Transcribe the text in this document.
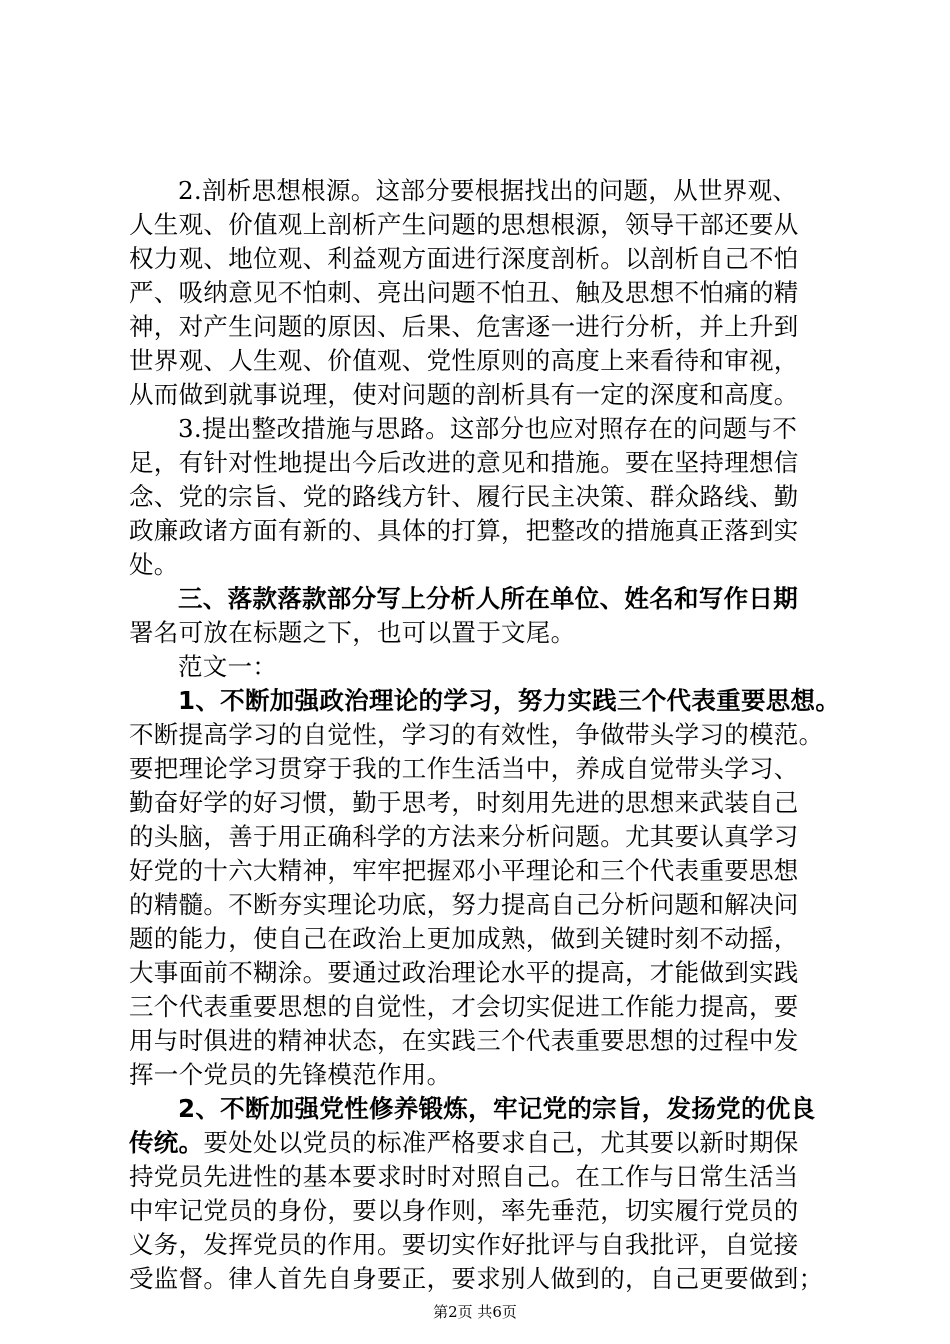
2.剖析思想根源。这部分要根据找出的问题，从世界观、
人生观、价值观上剖析产生问题的思想根源，领导干部还要从
权力观、地位观、利益观方面进行深度剖析。以剖析自己不怕
严、吸纳意见不怕刺、亮出问题不怕丑、触及思想不怕痛的精
神，对产生问题的原因、后果、危害逐一进行分析，并上升到
世界观、人生观、价值观、党性原则的高度上来看待和审视，
从而做到就事说理，使对问题的剖析具有一定的深度和高度。
3.提出整改措施与思路。这部分也应对照存在的问题与不
足，有针对性地提出今后改进的意见和措施。要在坚持理想信
念、党的宗旨、党的路线方针、履行民主决策、群众路线、勤
政廉政诸方面有新的、具体的打算，把整改的措施真正落到实
处。
三、落款落款部分写上分析人所在单位、姓名和写作日期
署名可放在标题之下，也可以置于文尾。
范文一：
1、不断加强政治理论的学习，努力实践三个代表重要思想。
不断提高学习的自觉性，学习的有效性，争做带头学习的模范。
要把理论学习贯穿于我的工作生活当中，养成自觉带头学习、
勤奋好学的好习惯，勤于思考，时刻用先进的思想来武装自己
的头脑，善于用正确科学的方法来分析问题。尤其要认真学习
好党的十六大精神，牢牢把握邓小平理论和三个代表重要思想
的精髓。不断夯实理论功底，努力提高自己分析问题和解决问
题的能力，使自己在政治上更加成熟，做到关键时刻不动摇，
大事面前不糊涂。要通过政治理论水平的提高，才能做到实践
三个代表重要思想的自觉性，才会切实促进工作能力提高，要
用与时俱进的精神状态，在实践三个代表重要思想的过程中发
挥一个党员的先锋模范作用。
2、不断加强党性修养锻炼，牢记党的宗旨，发扬党的优良
传统。要处处以党员的标准严格要求自己，尤其要以新时期保
持党员先进性的基本要求时时对照自己。在工作与日常生活当
中牢记党员的身份，要以身作则，率先垂范，切实履行党员的
义务，发挥党员的作用。要切实作好批评与自我批评，自觉接
受监督。律人首先自身要正，要求别人做到的，自己更要做到；
第2页 共6页
